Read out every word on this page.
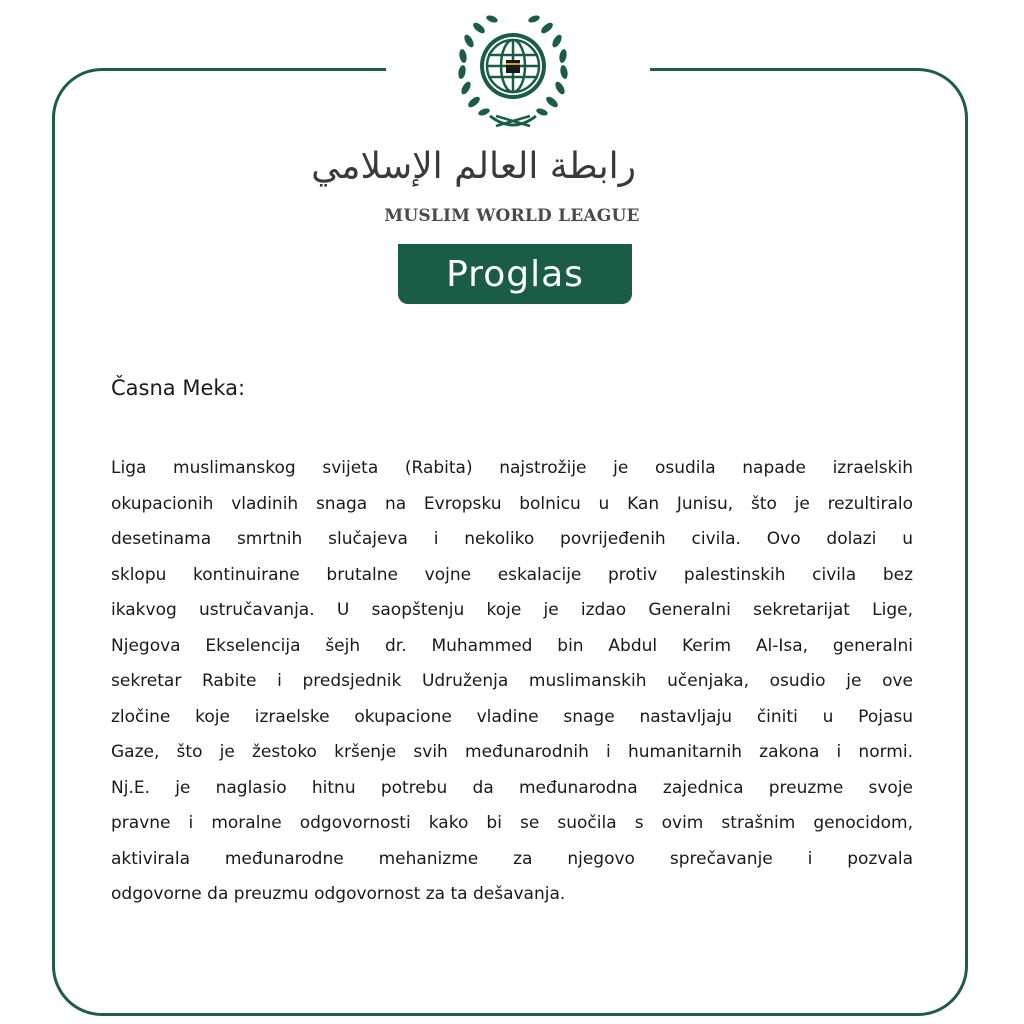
رابطة العالم الإسلامي
MUSLIM WORLD LEAGUE
Proglas
Časna Meka:
Liga muslimanskog svijeta (Rabita) najstrožije je osudila napade izraelskih
okupacionih vladinih snaga na Evropsku bolnicu u Kan Junisu, što je rezultiralo
desetinama smrtnih slučajeva i nekoliko povrijeđenih civila. Ovo dolazi u
sklopu kontinuirane brutalne vojne eskalacije protiv palestinskih civila bez
ikakvog ustručavanja. U saopštenju koje je izdao Generalni sekretarijat Lige,
Njegova Ekselencija šejh dr. Muhammed bin Abdul Kerim Al-Isa, generalni
sekretar Rabite i predsjednik Udruženja muslimanskih učenjaka, osudio je ove
zločine koje izraelske okupacione vladine snage nastavljaju činiti u Pojasu
Gaze, što je žestoko kršenje svih međunarodnih i humanitarnih zakona i normi.
Nj.E. je naglasio hitnu potrebu da međunarodna zajednica preuzme svoje
pravne i moralne odgovornosti kako bi se suočila s ovim strašnim genocidom,
aktivirala međunarodne mehanizme za njegovo sprečavanje i pozvala
odgovorne da preuzmu odgovornost za ta dešavanja.
